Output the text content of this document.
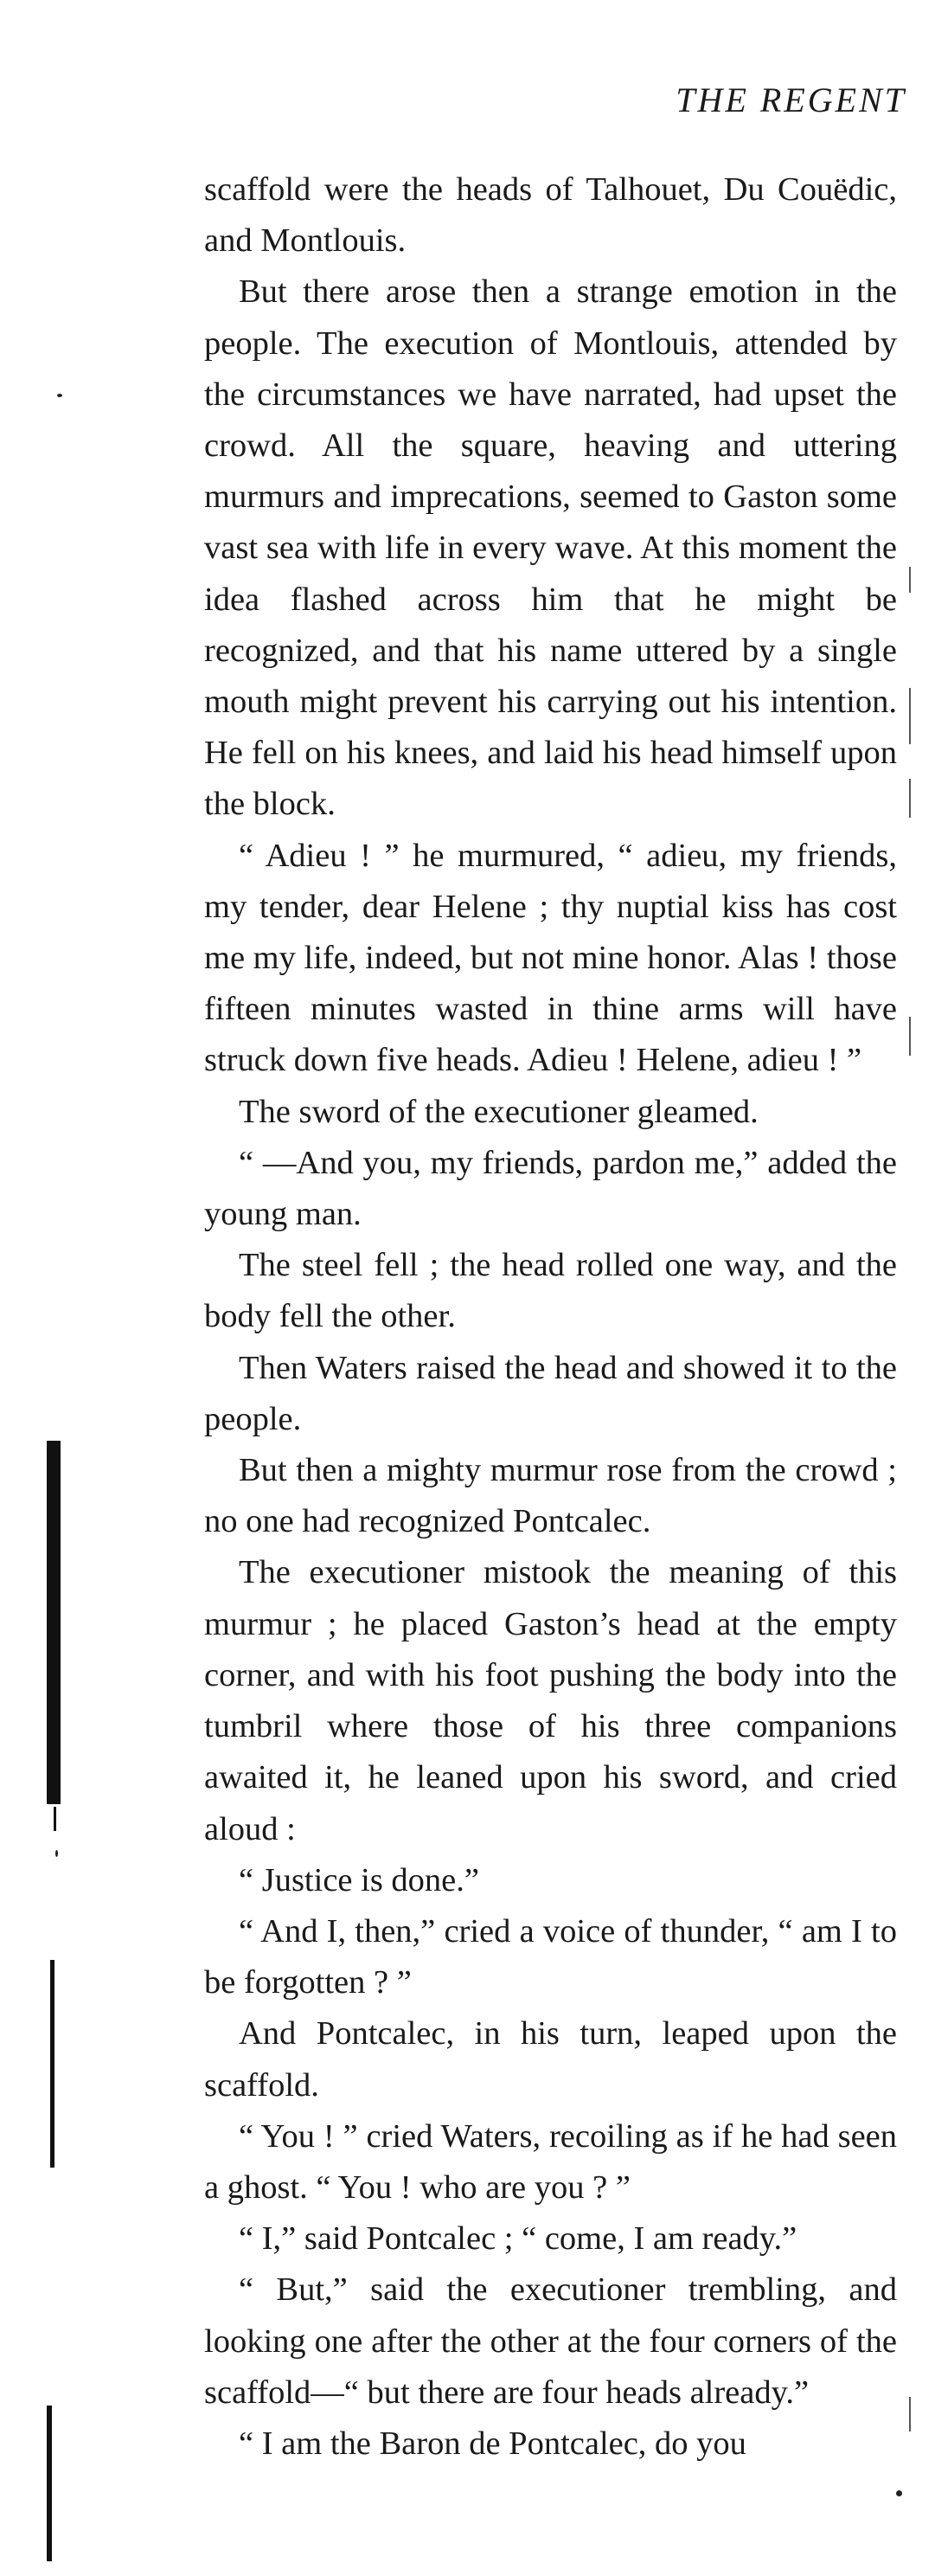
THE REGENT

scaffold were the heads of Talhouet, Du Couëdic, and Montlouis.

But there arose then a strange emotion in the people. The execution of Montlouis, attended by the circumstances we have narrated, had upset the crowd. All the square, heaving and uttering murmurs and imprecations, seemed to Gaston some vast sea with life in every wave. At this moment the idea flashed across him that he might be recognized, and that his name uttered by a single mouth might prevent his carrying out his intention. He fell on his knees, and laid his head himself upon the block.

“ Adieu ! ” he murmured, “ adieu, my friends, my tender, dear Helene ; thy nuptial kiss has cost me my life, indeed, but not mine honor. Alas ! those fifteen minutes wasted in thine arms will have struck down five heads. Adieu ! Helene, adieu ! ”

The sword of the executioner gleamed.

“ —And you, my friends, pardon me,” added the young man.

The steel fell ; the head rolled one way, and the body fell the other.

Then Waters raised the head and showed it to the people.

But then a mighty murmur rose from the crowd ; no one had recognized Pontcalec.

The executioner mistook the meaning of this murmur ; he placed Gaston’s head at the empty corner, and with his foot pushing the body into the tumbril where those of his three companions awaited it, he leaned upon his sword, and cried aloud :

“ Justice is done.”

“ And I, then,” cried a voice of thunder, “ am I to be forgotten ? ”

And Pontcalec, in his turn, leaped upon the scaffold.

“ You ! ” cried Waters, recoiling as if he had seen a ghost. “ You ! who are you ? ”

“ I,” said Pontcalec ; “ come, I am ready.”

“ But,” said the executioner trembling, and looking one after the other at the four corners of the scaffold—“ but there are four heads already.”

“ I am the Baron de Pontcalec, do you
